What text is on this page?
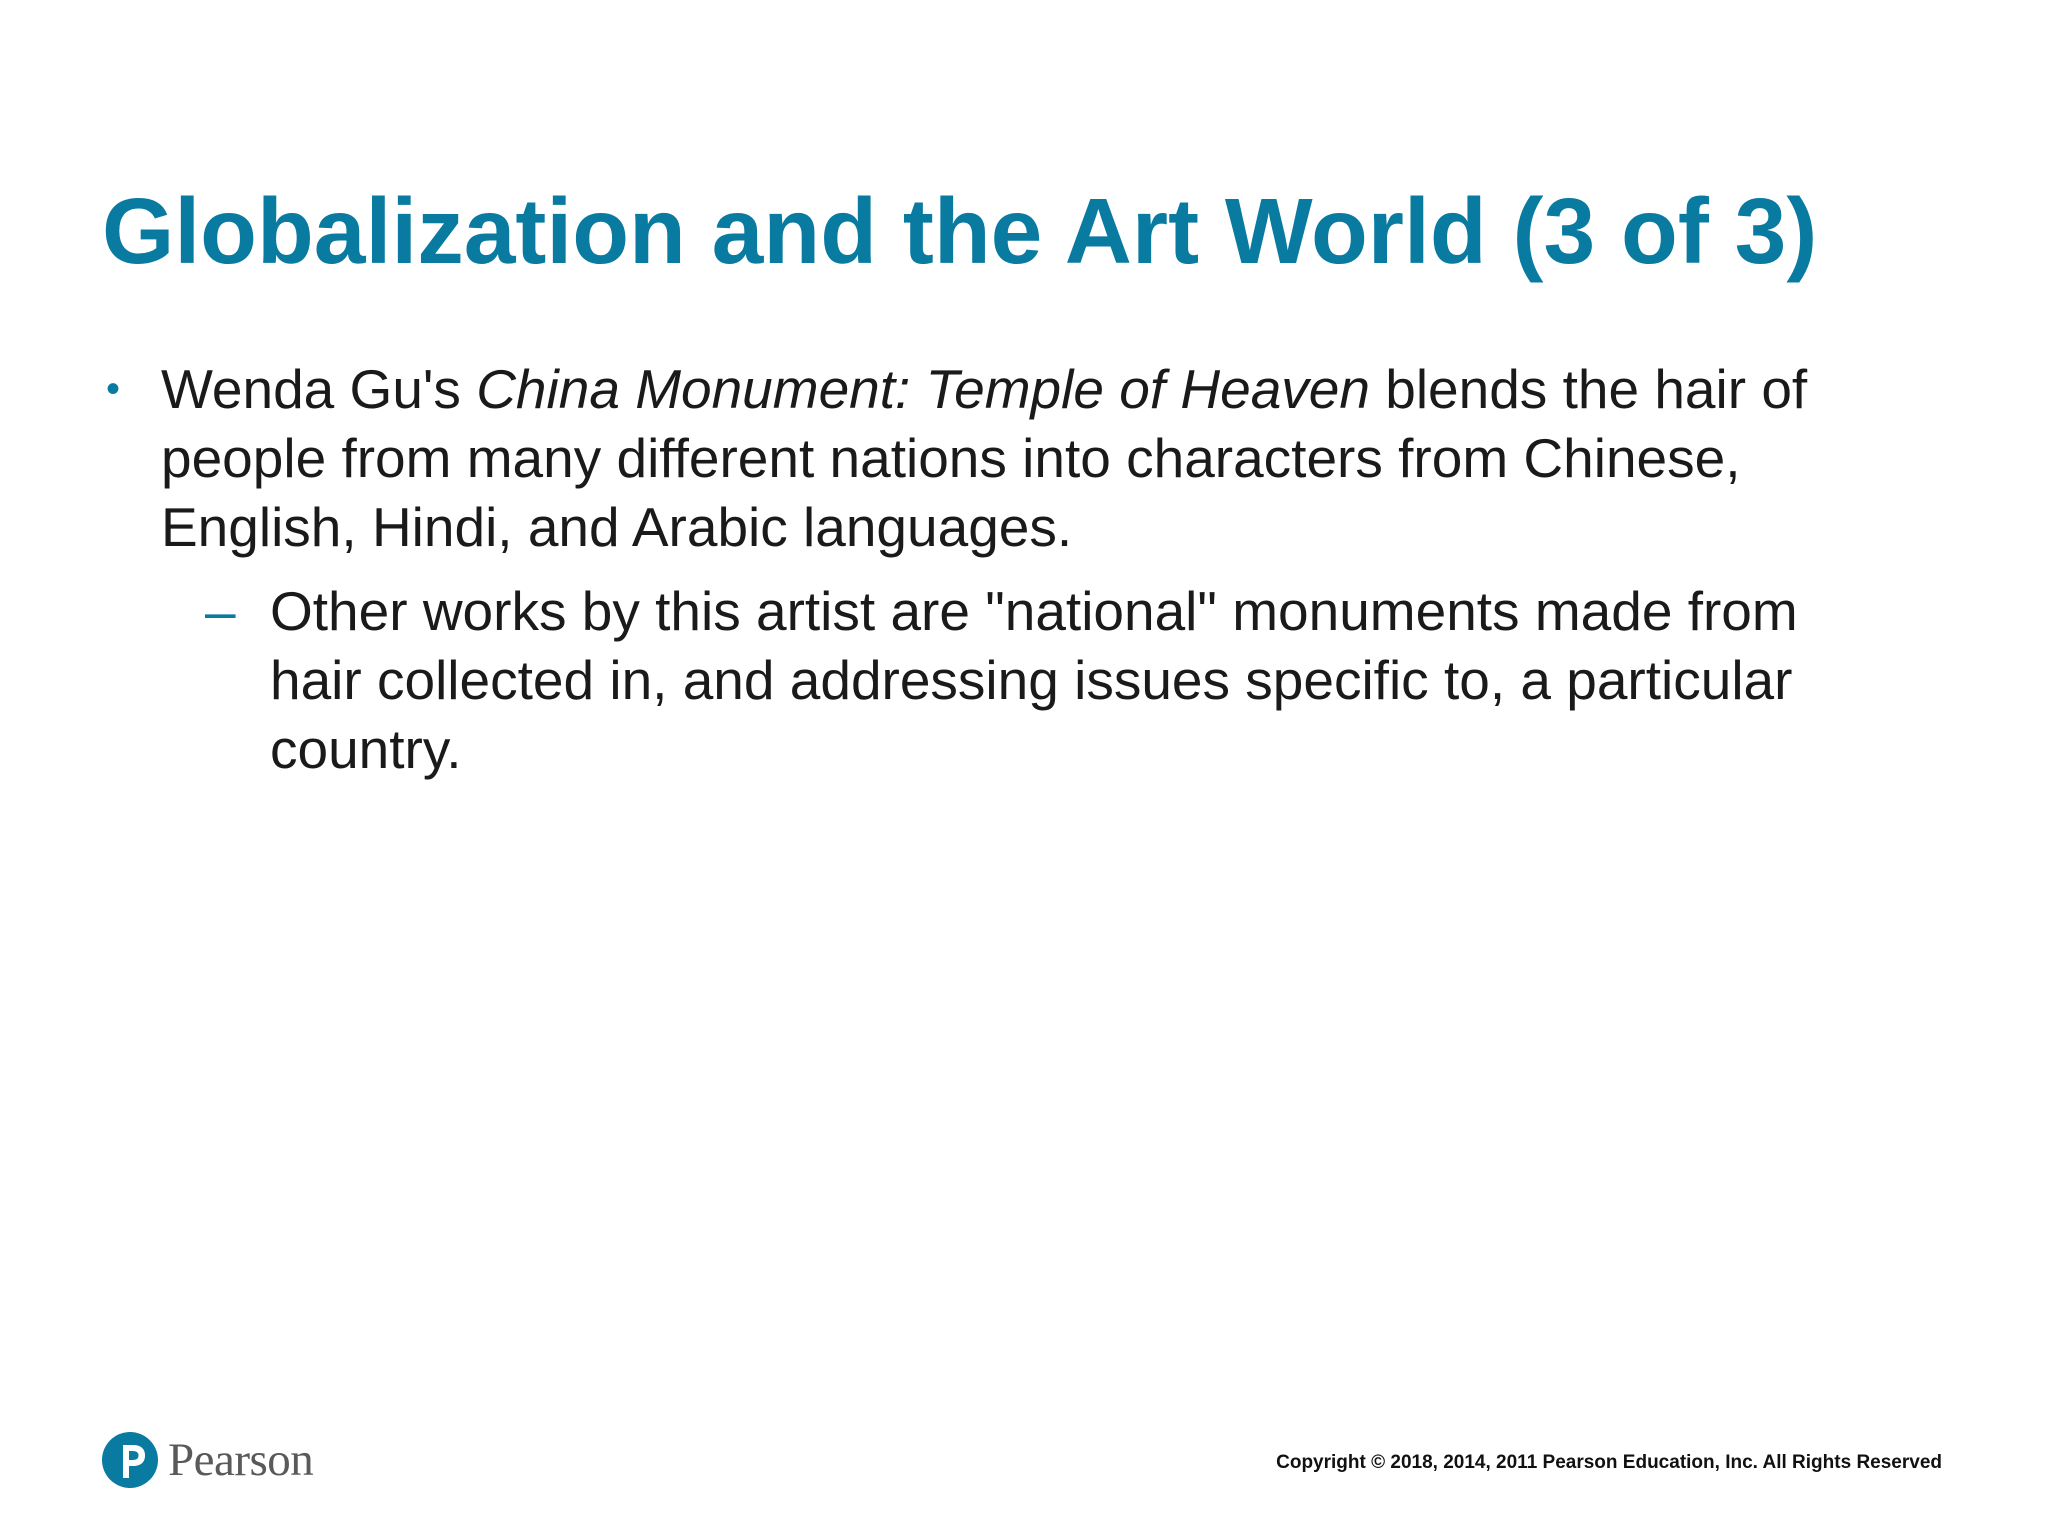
Globalization and the Art World (3 of 3)
• Wenda Gu's China Monument: Temple of Heaven blends the hair of people from many different nations into characters from Chinese, English, Hindi, and Arabic languages.
– Other works by this artist are "national" monuments made from hair collected in, and addressing issues specific to, a particular country.
Pearson	Copyright © 2018, 2014, 2011 Pearson Education, Inc. All Rights Reserved
